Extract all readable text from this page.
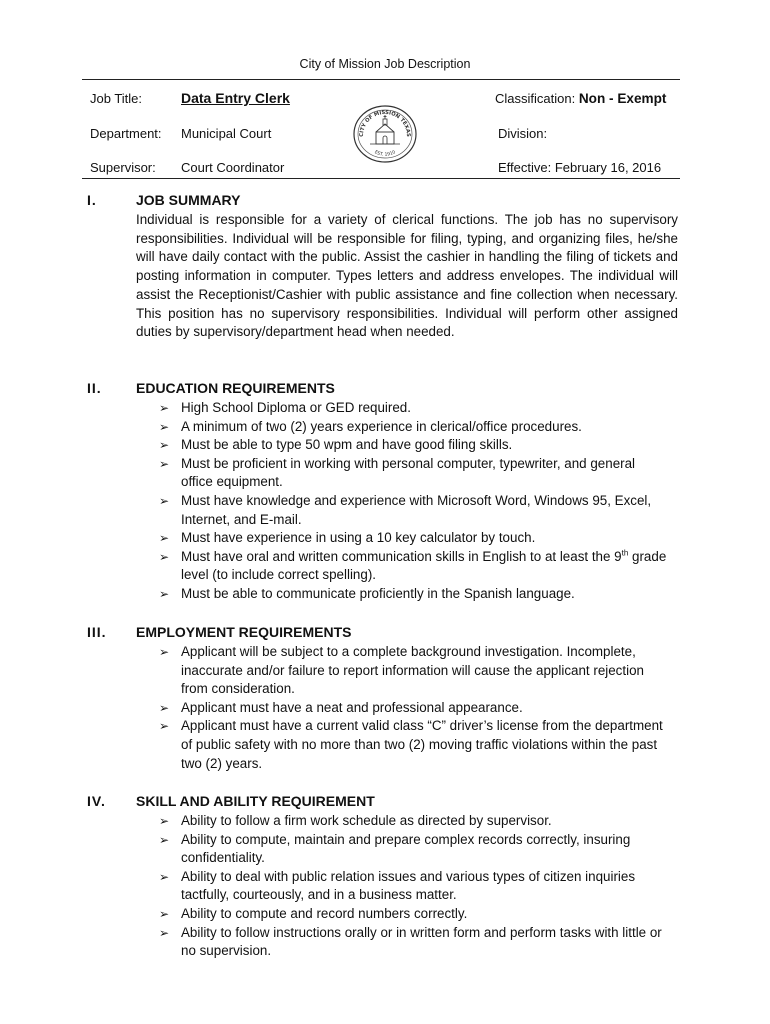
City of Mission Job Description
Job Title:	Data Entry Clerk	Classification: Non - Exempt
Department: Municipal Court	Division:
Supervisor: Court Coordinator	Effective: February 16, 2016
CITY OF MISSION TEXAS
EST. 1910
I.	JOB SUMMARY
Individual is responsible for a variety of clerical functions. The job has no supervisory responsibilities. Individual will be responsible for filing, typing, and organizing files, he/she will have daily contact with the public. Assist the cashier in handling the filing of tickets and posting information in computer. Types letters and address envelopes. The individual will assist the Receptionist/Cashier with public assistance and fine collection when necessary. This position has no supervisory responsibilities. Individual will perform other assigned duties by supervisory/department head when needed.
II. EDUCATION REQUIREMENTS
➢ High School Diploma or GED required.
➢ A minimum of two (2) years experience in clerical/office procedures.
➢ Must be able to type 50 wpm and have good filing skills.
➢ Must be proficient in working with personal computer, typewriter, and general office equipment.
➢ Must have knowledge and experience with Microsoft Word, Windows 95, Excel, Internet, and E-mail.
➢ Must have experience in using a 10 key calculator by touch.
➢ Must have oral and written communication skills in English to at least the 9th grade level (to include correct spelling).
➢ Must be able to communicate proficiently in the Spanish language.
III. EMPLOYMENT REQUIREMENTS
➢ Applicant will be subject to a complete background investigation. Incomplete, inaccurate and/or failure to report information will cause the applicant rejection from consideration.
➢ Applicant must have a neat and professional appearance.
➢ Applicant must have a current valid class “C” driver’s license from the department of public safety with no more than two (2) moving traffic violations within the past two (2) years.
IV. SKILL AND ABILITY REQUIREMENT
➢ Ability to follow a firm work schedule as directed by supervisor.
➢ Ability to compute, maintain and prepare complex records correctly, insuring confidentiality.
➢ Ability to deal with public relation issues and various types of citizen inquiries tactfully, courteously, and in a business matter.
➢ Ability to compute and record numbers correctly.
➢ Ability to follow instructions orally or in written form and perform tasks with little or no supervision.
